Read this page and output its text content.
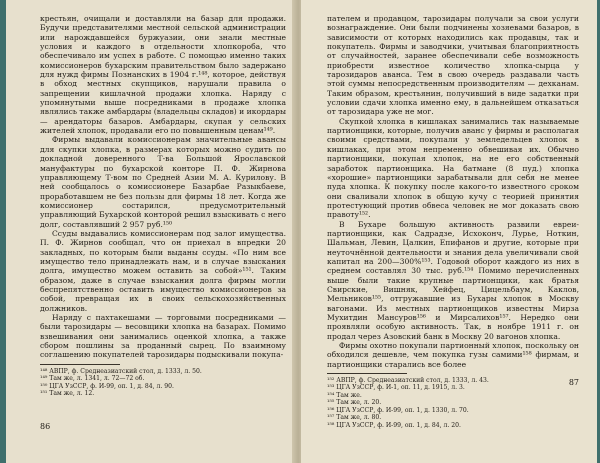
крестьян, очищали и доставляли на базар для продажи. Будучи представителями местной сельской администрации или нарождавшейся буржуазии, они знали местные условия и каждого в отдельности хлопкороба, что обеспечивало им успех в работе. С помощью именно таких комиссионеров бухарским правительством было задержано для нужд фирмы Познанских в 1904 г.¹⁴⁸, которое, действуя в обход местных скупщиков, нарушали правила о запрещении кишлачной продажи хлопка. Наряду с упомянутыми выше посредниками в продаже хлопка являлись также амбардары (владельцы складов) и икордары — арендаторы базаров. Амбардары, скупая у сельских жителей хлопок, продавали его по повышенным ценам¹⁴⁹.

Фирмы выдавали комиссионерам значительные авансы для скупки хлопка, в размерах которых можно судить по докладной доверенного Т-ва Большой Ярославской мануфактуры по бухарской конторе П. Ф. Жирнова управляющему Т-вом по Средней Азии М. А. Курилову. В ней сообщалось о комиссионере Базарбае Разыкбаеве, проработавшем не без пользы для фирмы 18 лет. Когда же комиссионер состарился, предусмотрительный управляющий Бухарской конторой решил взыскивать с него долг, составлявший 2 957 руб.¹⁵⁰

Ссуды выдавались комиссионерам под залог имущества. П. Ф. Жирнов сообщал, что он приехал в впредки 20 закладных, по которым были выданы ссуды. «По ним все имущество тело принадлежать нам, и в случае взыскания долга, имущество можем оставить за собой»¹⁵¹. Таким образом, даже в случае взыскания долга фирмы могли беспрепятственно оставить имущество комиссионеров за собой, превращая их в своих сельскохозяйственных должников.

Наряду с пахтакешами — торговыми посредниками — были тарозидары — весовщики хлопка на базарах. Помимо взвешивания они занимались оценкой хлопка, а также сбором пошлины за проданный сырец. По взаимному соглашению покупателей тарозидары подыскивали покупа-

¹⁴⁸ АВПР, ф. Среднеазиатский стол, д. 1333, л. 50.
¹⁴⁹ Там же, л. 1341, л. 72—72 об.
¹⁵⁰ ЦГА УзССР, ф. И-99, оп. 1, д. 84, л. 90.
¹⁵¹ Там же, л. 12.
86

пателем и продавцом, тарозидары получали за свои услуги вознаграждение. Они были подчинены хозяевами базаров, в зависимости от которых находились как продавцы, так и покупатель. Фирмы и заводчики, учитывая благоприятность от случайностей, заранее обеспечивали себе возможность приобрести известное количество хлопка-сырца у тарозидаров аванса. Тем в свою очередь раздавали часть этой суммы непосредственным производителям — дехканам. Таким образом, крестьянин, получивший в виде задатки при условии сдачи хлопка именно ему, в дальнейшем отказаться от тарозидара уже не мог.

Скупкой хлопка в кишлаках занимались так называемые партионщики, которые, получив аванс у фирмы и располагая своими средствами, покупали у земледельцев хлопок в кишлаках, при этом непременно обвешивая их. Обычно партионщики, покупая хлопок, на не его собственный заработок партионщика. На батмане (8 пуд.) хлопка «хорошие» партионщики зарабатывали для себя не менее пуда хлопка. К покупку после какого-то известного сроком они сваливали хлопок в общую кучу с теорией принятия протестующий против обвеса человек не мог доказать свою правоту¹⁵².

В Бухаре большую активность развили евреи-партионщики, как Садрадзе, Исхоконч, Лурье, Ноткин, Шальман, Левин, Цалкин, Епифанов и другие, которые при неуточнённой деятельности и знания дела увеличивали свой капитал на 200—300%¹⁵³. Годовой оборот каждого из них в среднем составлял 30 тыс. руб.¹⁵⁴ Помимо перечисленных выше были такие крупные партионщики, как братья Свирские, Вишняк, Хейфец, Цицельбаум, Каклов, Мельников¹⁵⁵, отгружавшие из Бухары хлопок в Москву вагонами. Из местных партионщиков известны Мирза Мухитдин Мансуров¹⁵⁶ и Мирсалихов¹⁵⁷. Нередко они проявляли особую активность. Так, в ноябре 1911 г. он продал через Азовский банк в Москву 20 вагонов хлопка.

Фирмы охотно покупали партионный хлопок, поскольку он обходился дешевле, чем покупка гузы самими¹⁵⁸ фирмам, и партионщики старались все более

¹⁵² АВПР, ф. Среднеазиатский стол, д. 1333, л. 43.
¹⁵³ ЦГА УзССР, ф. И-1, оп. 11, д. 1915, л. 3.
¹⁵⁴ Там же.
¹⁵⁵ Там же, л. 20.
¹⁵⁶ ЦГА УзССР, ф. И-99, оп. 1, д. 1330, л. 70.
¹⁵⁷ Там же, л. 80.
¹⁵⁸ ЦГА УзССР, ф. И-99, оп. 1, д. 84, л. 20.
87
